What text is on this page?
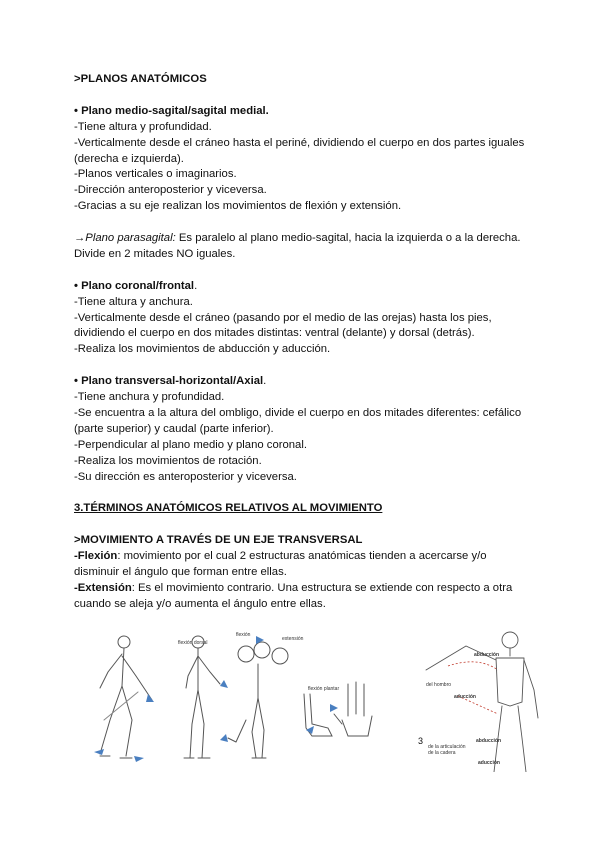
>PLANOS ANATÓMICOS

• Plano medio-sagital/sagital medial.

-Tiene altura y profundidad.

-Verticalmente desde el cráneo hasta el periné, dividiendo el cuerpo en dos partes iguales (derecha e izquierda).

-Planos verticales o imaginarios.

-Dirección anteroposterior y viceversa.

-Gracias a su eje realizan los movimientos de flexión y extensión.

→Plano parasagital: Es paralelo al plano medio-sagital, hacia la izquierda o a la derecha. Divide en 2 mitades NO iguales.

• Plano coronal/frontal.

-Tiene altura y anchura.

-Verticalmente desde el cráneo (pasando por el medio de las orejas) hasta los pies, dividiendo el cuerpo en dos mitades distintas: ventral (delante) y dorsal (detrás).

-Realiza los movimientos de abducción y aducción.

• Plano transversal-horizontal/Axial.

-Tiene anchura y profundidad.

-Se encuentra a la altura del ombligo, divide el cuerpo en dos mitades diferentes: cefálico (parte superior) y caudal (parte inferior).

-Perpendicular al plano medio y plano coronal.

-Realiza los movimientos de rotación.

-Su dirección es anteroposterior y viceversa.

3.TÉRMINOS ANATÓMICOS RELATIVOS AL MOVIMIENTO

>MOVIMIENTO A TRAVÉS DE UN EJE TRANSVERSAL

-Flexión: movimiento por el cual 2 estructuras anatómicas tienden a acercarse y/o disminuir el ángulo que forman entre ellas.

-Extensión: Es el movimiento contrario. Una estructura se extiende con respecto a otra cuando se aleja y/o aumenta el ángulo entre ellas.

flexión
extensión
flexión dorsal
flexión plantar
abducción
del hombro
aducción
de la articulación
de la cadera
abducción
aducción
3
